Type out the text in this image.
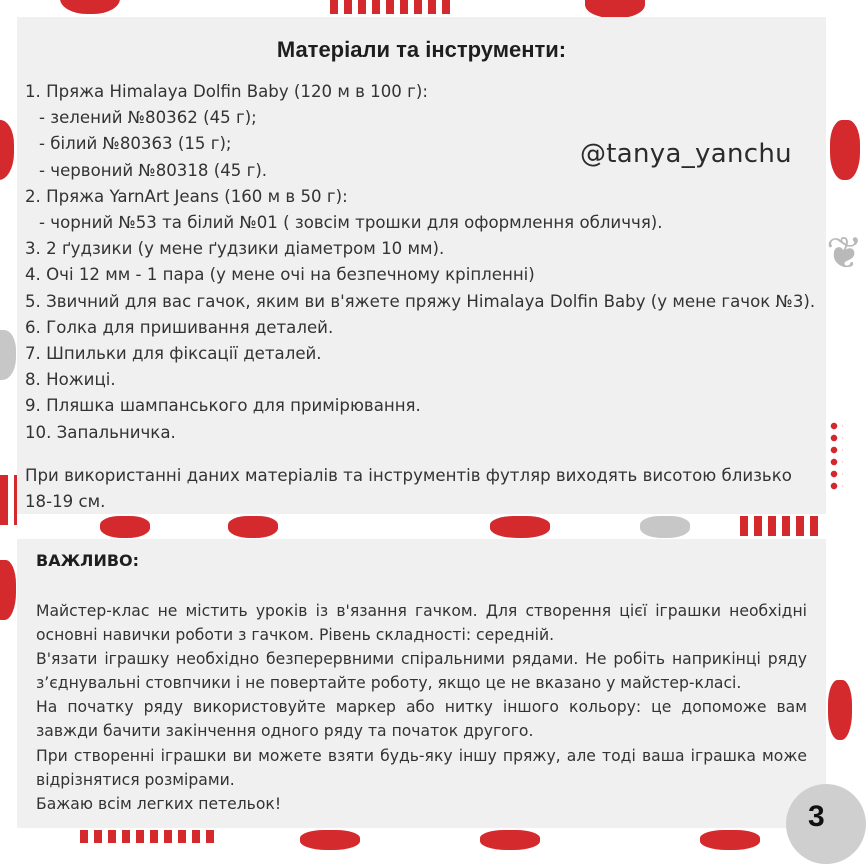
❦
Матеріали та інструменти:
1. Пряжа Himalaya Dolfin Baby (120 м в 100 г):
- зелений №80362 (45 г);
- білий №80363 (15 г);
- червоний №80318 (45 г).
2. Пряжа YarnArt Jeans (160 м в 50 г):
- чорний №53 та білий №01 ( зовсім трошки для оформлення обличчя).
3. 2 ґудзики (у мене ґудзики діаметром 10 мм).
4. Очі 12 мм - 1 пара (у мене очі на безпечному кріпленні)
5. Звичний для вас гачок, яким ви в'яжете пряжу Himalaya Dolfin Baby (у мене гачок №3).
6. Голка для пришивання деталей.
7. Шпильки для фіксації деталей.
8. Ножиці.
9. Пляшка шампанського для примірювання.
10. Запальничка.
@tanya_yanchu
При використанні даних матеріалів та інструментів футляр виходять висотою близько 18-19 см.
ВАЖЛИВО:

Майстер-клас не містить уроків із в'язання гачком. Для створення цієї іграшки необхідні основні навички роботи з гачком. Рівень складності: середній.

В'язати іграшку необхідно безперервними спіральними рядами. Не робіть наприкінці ряду з’єднувальні стовпчики і не повертайте роботу, якщо це не вказано у майстер-класі.

На початку ряду використовуйте маркер або нитку іншого кольору: це допоможе вам завжди бачити закінчення одного ряду та початок другого.

При створенні іграшки ви можете взяти будь-яку іншу пряжу, але тоді ваша іграшка може відрізнятися розмірами.

Бажаю всім легких петельок!	3
